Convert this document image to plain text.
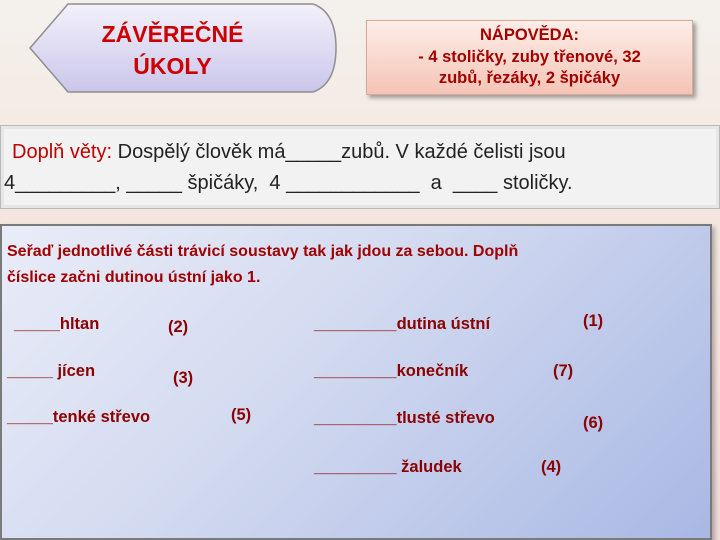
ZÁVĚREČNÉ
ÚKOLY
NÁPOVĚDA:
- 4 stoličky, zuby třenové, 32
zubů, řezáky, 2 špičáky
Doplň věty: Dospělý člověk má_____zubů. V každé čelisti jsou
4_________, _____ špičáky,  4 ____________  a  ____ stoličky.
Seřaď jednotlivé části trávicí soustavy tak jak jdou za sebou. Doplň
číslice začni dutinou ústní jako 1.
_____hltan
_____ jícen
_____tenké střevo
_________dutina ústní
_________konečník
_________tlusté střevo
_________ žaludek
(2)
(3)
(5)
(1)
(7)
(6)
(4)
